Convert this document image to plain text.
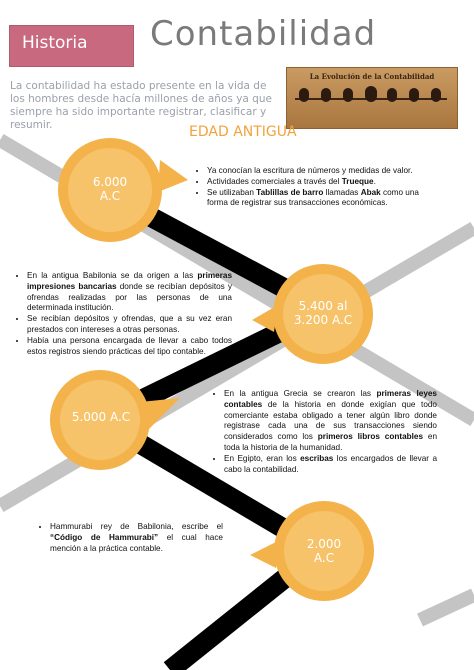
Historia Contabilidad
La contabilidad ha estado presente en la vida de los hombres desde hacía millones de años ya que siempre ha sido importante registrar, clasificar y resumir.
La Evolución de la Contabilidad
EDAD ANTIGUA
6.000
A.C
5.400 al
3.200 A.C
5.000 A.C
2.000
A.C
• Ya conocían la escritura de números y medidas de valor.
• Actividades comerciales a través del Trueque.
• Se utilizaban Tablillas de barro llamadas Abak como una forma de registrar sus transacciones económicas.
• En la antigua Babilonia se da origen a las primeras impresiones bancarias donde se recibían depósitos y ofrendas realizadas por las personas de una determinada institución.
• Se recibían depósitos y ofrendas, que a su vez eran prestados con intereses a otras personas.
• Había una persona encargada de llevar a cabo todos estos registros siendo prácticas del tipo contable.
• En la antigua Grecia se crearon las primeras leyes contables de la historia en donde exigían que todo comerciante estaba obligado a tener algún libro donde registrase cada una de sus transacciones siendo considerados como los primeros libros contables en toda la historia de la humanidad.
• En Egipto, eran los escribas los encargados de llevar a cabo la contabilidad.
• Hammurabi rey de Babilonia, escribe el “Código de Hammurabi” el cual hace mención a la práctica contable.
